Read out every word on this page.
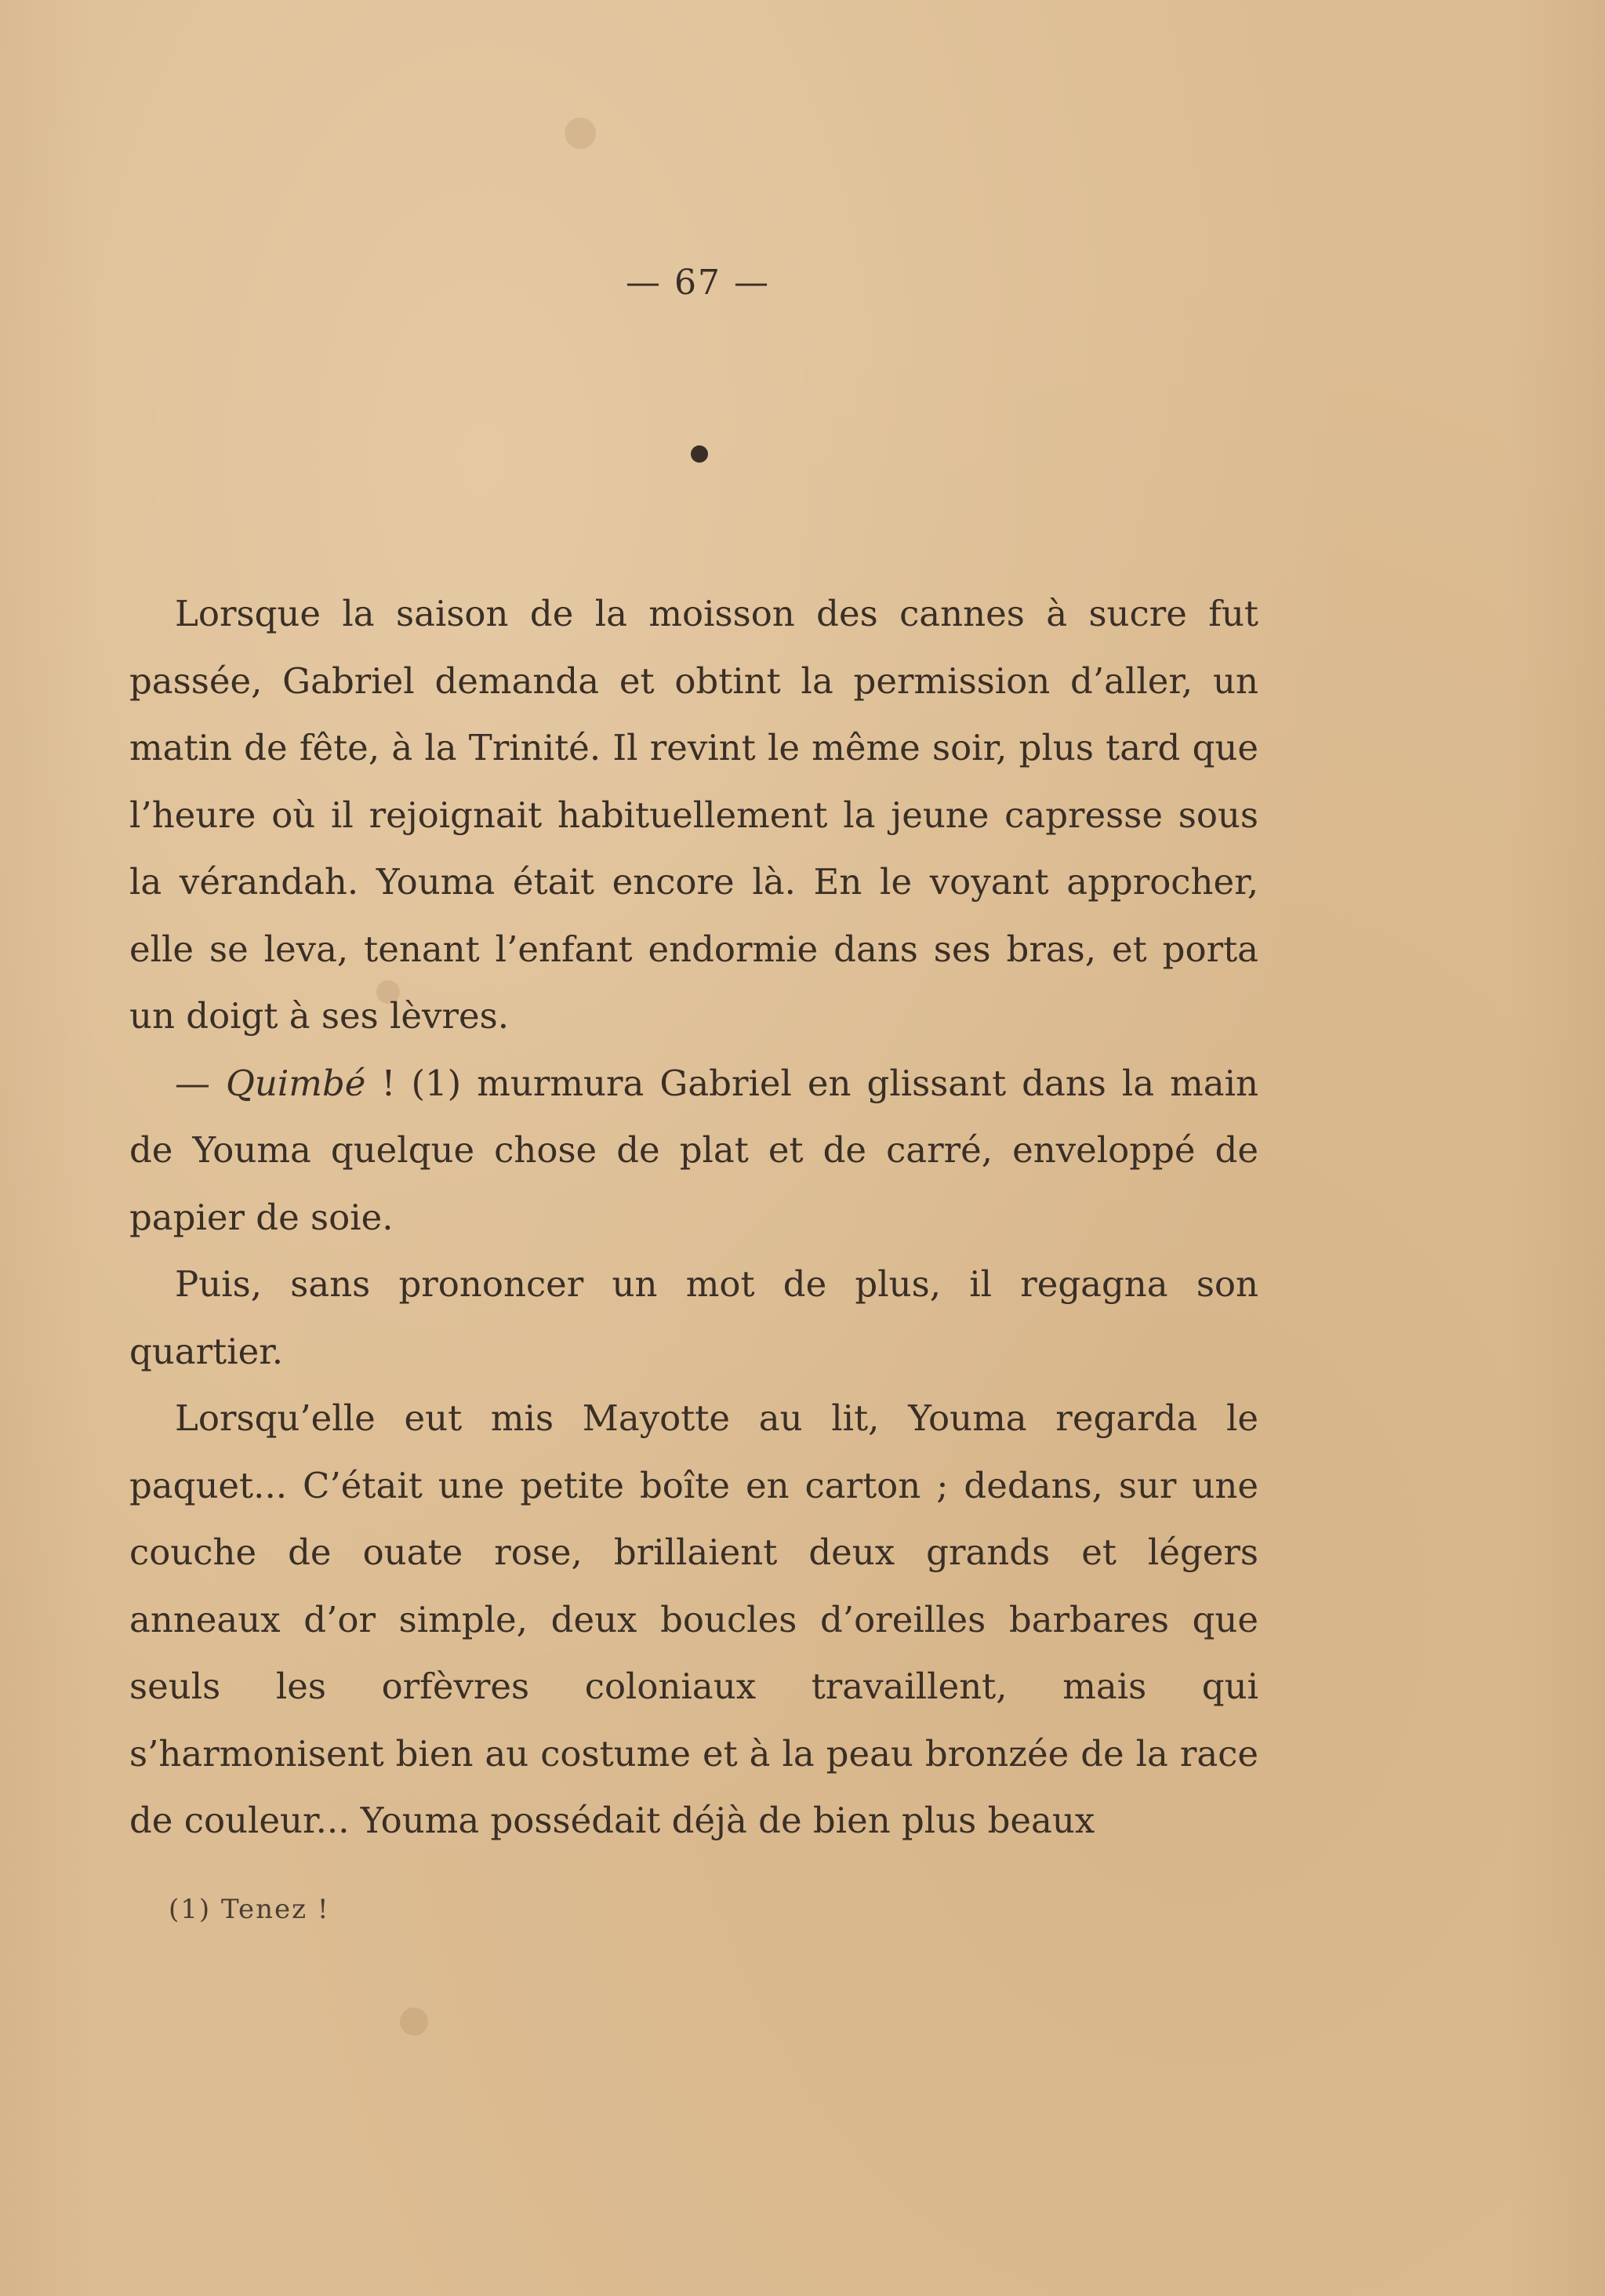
— 67 —

Lorsque la saison de la moisson des cannes à sucre fut passée, Gabriel demanda et obtint la permission d’aller, un matin de fête, à la Trinité. Il revint le même soir, plus tard que l’heure où il rejoignait habituellement la jeune capresse sous la vérandah. Youma était encore là. En le voyant approcher, elle se leva, tenant l’enfant endormie dans ses bras, et porta un doigt à ses lèvres.

— Quimbé ! (1) murmura Gabriel en glissant dans la main de Youma quelque chose de plat et de carré, enveloppé de papier de soie.

Puis, sans prononcer un mot de plus, il regagna son quartier.

Lorsqu’elle eut mis Mayotte au lit, Youma regarda le paquet... C’était une petite boîte en carton ; dedans, sur une couche de ouate rose, brillaient deux grands et légers anneaux d’or simple, deux boucles d’oreilles barbares que seuls les orfèvres coloniaux travaillent, mais qui s’harmonisent bien au costume et à la peau bronzée de la race de couleur... Youma possédait déjà de bien plus beaux

(1) Tenez !
